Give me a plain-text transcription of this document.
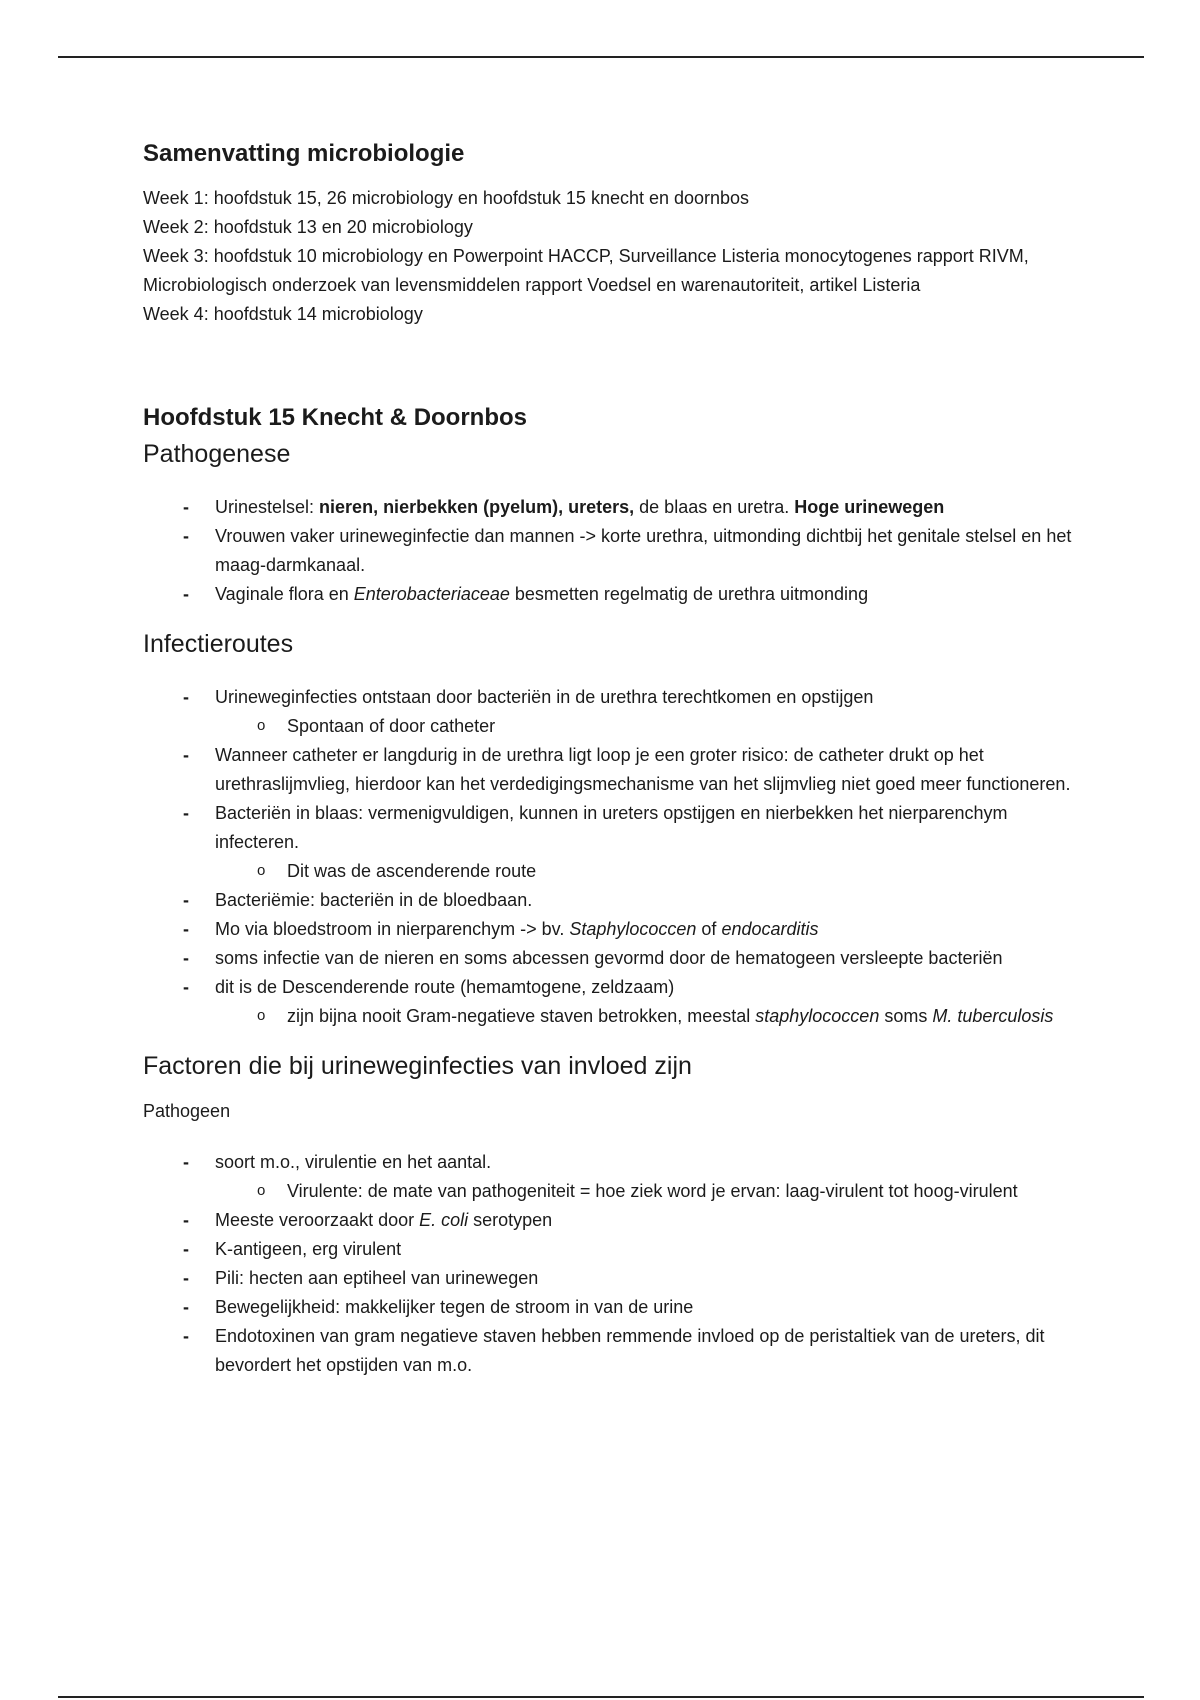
Samenvatting microbiologie

Week 1: hoofdstuk 15, 26 microbiology en hoofdstuk 15 knecht en doornbos

Week 2: hoofdstuk 13 en 20 microbiology

Week 3: hoofdstuk 10 microbiology en Powerpoint HACCP, Surveillance Listeria monocytogenes rapport RIVM, Microbiologisch onderzoek van levensmiddelen rapport Voedsel en warenautoriteit, artikel Listeria

Week 4: hoofdstuk 14 microbiology

Hoofdstuk 15 Knecht & Doornbos
Pathogenese
- Urinestelsel: nieren, nierbekken (pyelum), ureters, de blaas en uretra. Hoge urinewegen
- Vrouwen vaker urineweginfectie dan mannen -> korte urethra, uitmonding dichtbij het genitale stelsel en het maag-darmkanaal.
- Vaginale flora en Enterobacteriaceae besmetten regelmatig de urethra uitmonding
Infectieroutes
- Urineweginfecties ontstaan door bacteriën in de urethra terechtkomen en opstijgen
o Spontaan of door catheter
- Wanneer catheter er langdurig in de urethra ligt loop je een groter risico: de catheter drukt op het urethraslijmvlieg, hierdoor kan het verdedigingsmechanisme van het slijmvlieg niet goed meer functioneren.
- Bacteriën in blaas: vermenigvuldigen, kunnen in ureters opstijgen en nierbekken het nierparenchym infecteren.
o Dit was de ascenderende route
- Bacteriëmie: bacteriën in de bloedbaan.
- Mo via bloedstroom in nierparenchym -> bv. Staphylococcen of endocarditis
- soms infectie van de nieren en soms abcessen gevormd door de hematogeen versleepte bacteriën
- dit is de Descenderende route (hemamtogene, zeldzaam)
o zijn bijna nooit Gram-negatieve staven betrokken, meestal staphylococcen soms M. tuberculosis
Factoren die bij urineweginfecties van invloed zijn
Pathogeen
- soort m.o., virulentie en het aantal.
o Virulente: de mate van pathogeniteit = hoe ziek word je ervan: laag-virulent tot hoog-virulent
- Meeste veroorzaakt door E. coli serotypen
- K-antigeen, erg virulent
- Pili: hecten aan eptiheel van urinewegen
- Bewegelijkheid: makkelijker tegen de stroom in van de urine
- Endotoxinen van gram negatieve staven hebben remmende invloed op de peristaltiek van de ureters, dit bevordert het opstijden van m.o.
